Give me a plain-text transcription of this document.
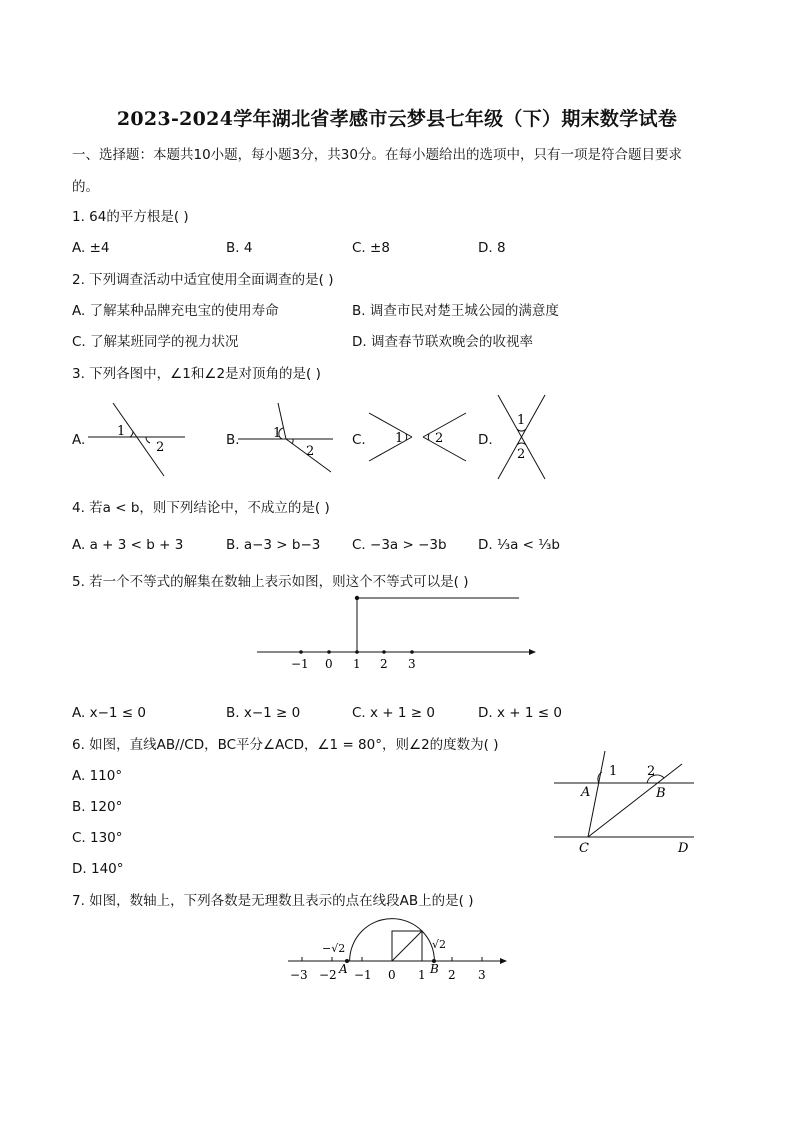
2023-2024学年湖北省孝感市云梦县七年级（下）期末数学试卷
一、选择题：本题共10小题，每小题3分，共30分。在每小题给出的选项中，只有一项是符合题目要求
的。
1. 64的平方根是( )
A. ±4	B. 4	C. ±8	D. 8
2. 下列调查活动中适宜使用全面调查的是( )
A. 了解某种品牌充电宝的使用寿命	B. 调查市民对楚王城公园的满意度
C. 了解某班同学的视力状况	D. 调查春节联欢晚会的收视率
3. 下列各图中，∠1和∠2是对顶角的是( )
A.	B.	C.	D.
1
2
1
2
1 2
1
2
4. 若a < b，则下列结论中，不成立的是( )
A. a + 3 < b + 3	B. a−3 > b−3 C. −3a > −3b D. ⅓a < ⅓b
5. 若一个不等式的解集在数轴上表示如图，则这个不等式可以是( )
−1 0 1 2 3
A. x−1 ≤ 0	B. x−1 ≥ 0	C. x + 1 ≥ 0	D. x + 1 ≤ 0
6. 如图，直线AB//CD，BC平分∠ACD，∠1 = 80°，则∠2的度数为( )
A. 110°
B. 120°
C. 130°
D. 140°
1 2
A	B
C	D
7. 如图，数轴上，下列各数是无理数且表示的点在线段AB上的是( )
−√2	√2
A	B
−3 −2 −1 0 1 2 3
